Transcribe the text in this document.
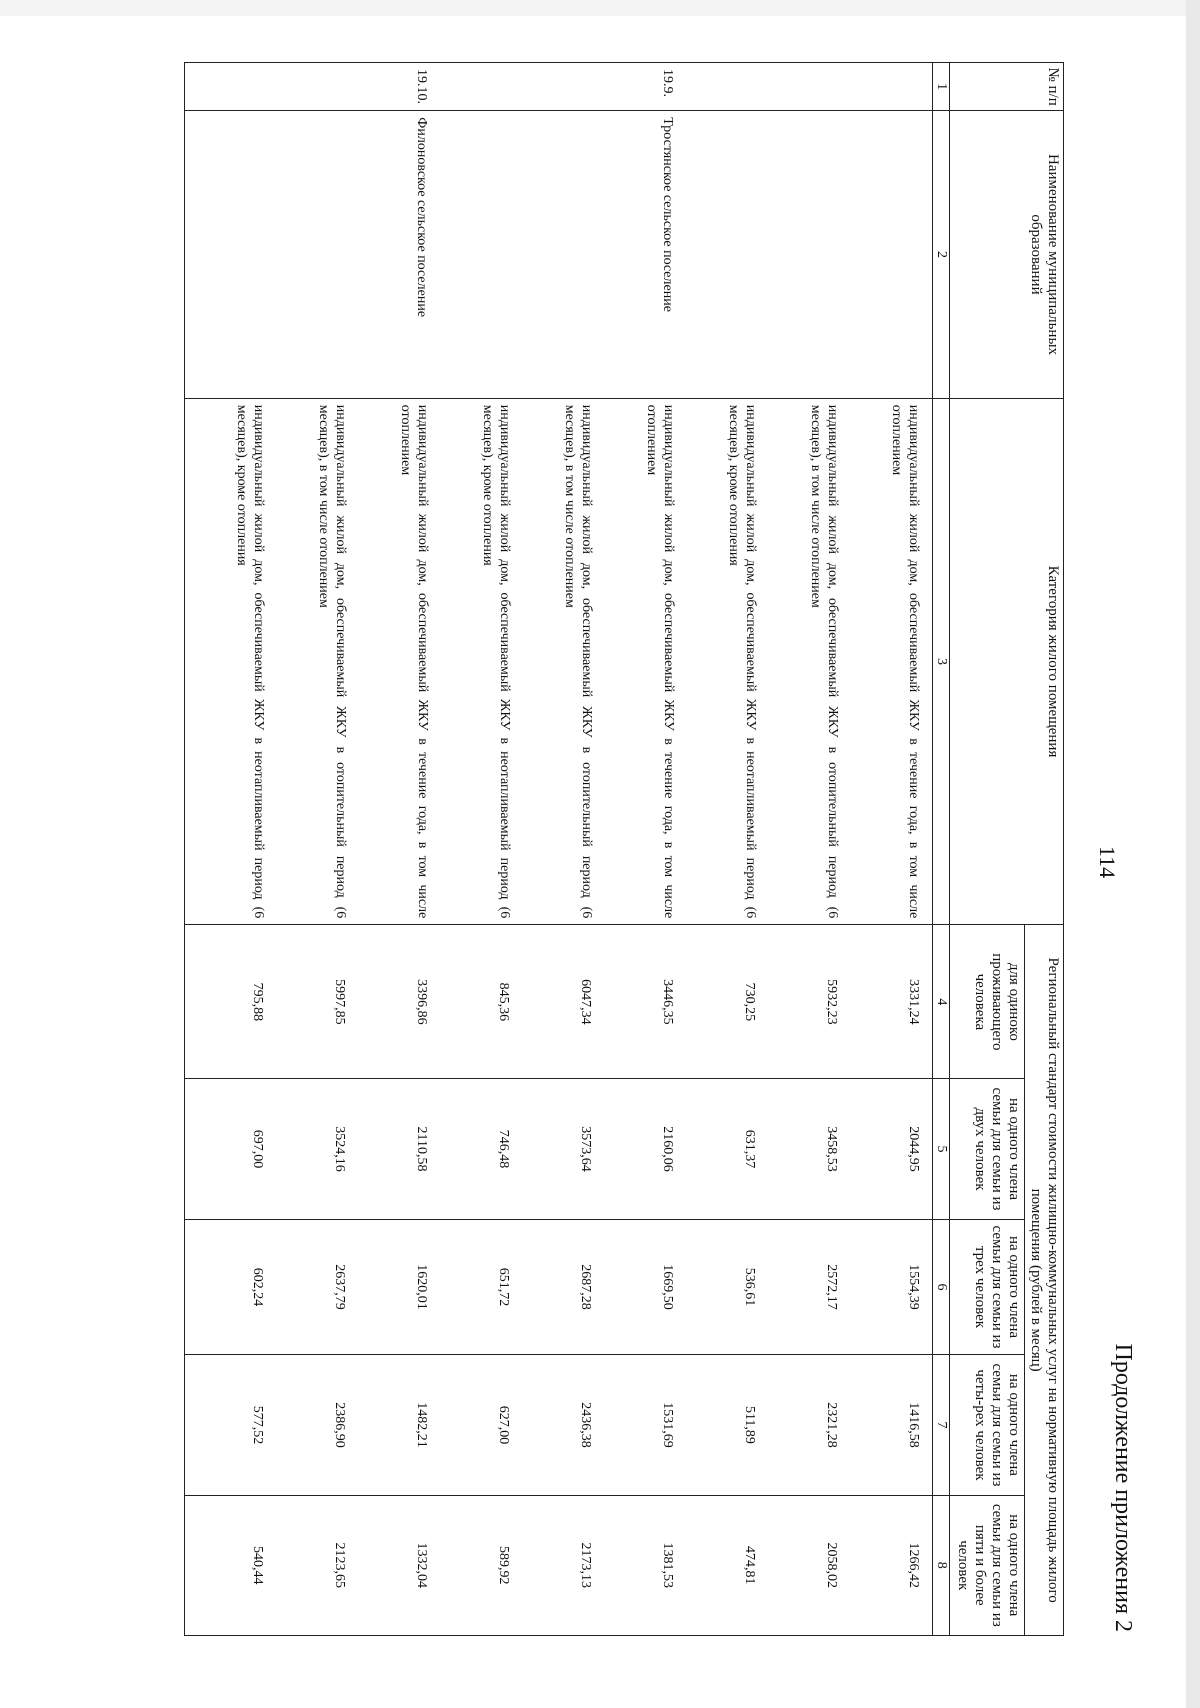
114
Продолжение приложения 2
№ п/п	Наименование муниципальных образований	Категория жилого помещения	Региональный стандарт стоимости жилищно-коммунальных услуг на нормативную площадь жилого помещения (рублей в месяц)				
			для одиноко проживающего человека	на одного члена семьи для семьи из двух человек	на одного члена семьи для семьи из трех человек	на одного члена семьи для семьи из четы-рех человек	на одного члена семьи для семьи из пяти и более человек
1	2	3	4	5	6	7	8

		индивидуальный жилой дом, обеспечиваемый ЖКУ в течение года, в том числе отоплением	3331,24	2044,95	1554,39	1416,58	1266,42

		индивидуальный жилой дом, обеспечиваемый ЖКУ в отопительный период (6 месяцев), в том числе отоплением	5932,23	3458,53	2572,17	2321,28	2058,02

		индивидуальный жилой дом, обеспечиваемый ЖКУ в неотапливаемый период (6 месяцев), кроме отопления	730,25	631,37	536,61	511,89	474,81
19.9.	Тростянское сельское поселение	индивидуальный жилой дом, обеспечиваемый ЖКУ в течение года, в том числе отоплением	3446,35	2160,06	1669,50	1531,69	1381,53

		индивидуальный жилой дом, обеспечиваемый ЖКУ в отопительный период (6 месяцев), в том числе отоплением	6047,34	3573,64	2687,28	2436,38	2173,13

		индивидуальный жилой дом, обеспечиваемый ЖКУ в неотапливаемый период (6 месяцев), кроме отопления	845,36	746,48	651,72	627,00	589,92
19.10.	Филоновское сельское поселение	индивидуальный жилой дом, обеспечиваемый ЖКУ в течение года, в том числе отоплением	3396,86	2110,58	1620,01	1482,21	1332,04

		индивидуальный жилой дом, обеспечиваемый ЖКУ в отопительный период (6 месяцев), в том числе отоплением	5997,85	3524,16	2637,79	2386,90	2123,65

		индивидуальный жилой дом, обеспечиваемый ЖКУ в неотапливаемый период (6 месяцев), кроме отопления	795,88	697,00	602,24	577,52	540,44
